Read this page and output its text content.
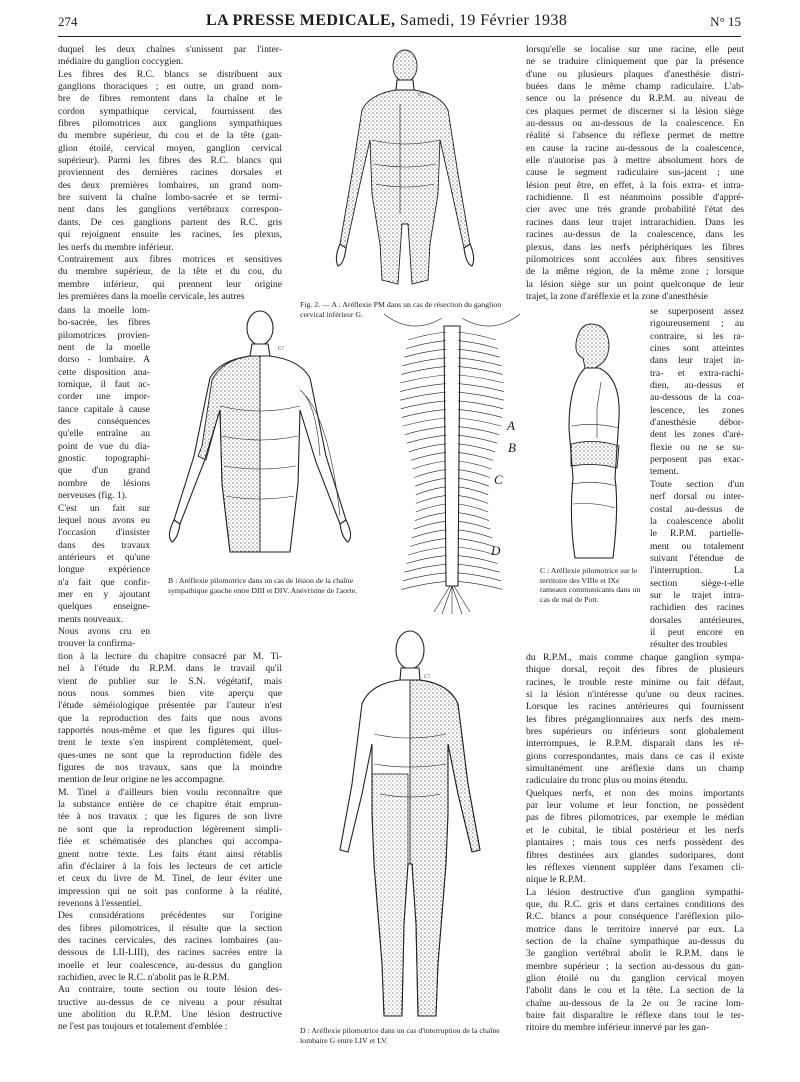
274	LA PRESSE MEDICALE, Samedi, 19 Février 1938	N° 15
duquel les deux chaînes s'unissent par l'inter-
médiaire du ganglion coccygien.
Les fibres des R.C. blancs se distribuent aux
ganglions thoraciques ; en outre, un grand nom-
bre de fibres remontent dans la chaîne et le
cordon sympathique cervical, fournissent des
fibres pilomotrices aux ganglions sympathiques
du membre supérieur, du cou et de la tête (gan-
glion étoilé, cervical moyen, ganglion cervical
supérieur). Parmi les fibres des R.C. blancs qui
proviennent des dernières racines dorsales et
des deux premières lombaires, un grand nom-
bre suivent la chaîne lombo-sacrée et se termi-
nent dans les ganglions vertébraux correspon-
dants. De ces ganglions partent des R.C. gris
qui rejoignent ensuite les racines, les plexus,
les nerfs du membre inférieur.
Contrairement aux fibres motrices et sensitives
du membre supérieur, de la tête et du cou, du
membre inférieur, qui prennent leur origine
les premières dans la moelle cervicale, les autres
dans la moelle lom-
bo-sacrée, les fibres
pilomotrices provien-
nent de la moelle
dorso - lombaire. A
cette disposition ana-
tomique, il faut ac-
corder une impor-
tance capitale à cause
des conséquences
qu'elle entraîne au
point de vue du dia-
gnostic topographi-
que d'un grand
nombre de lésions
nerveuses (fig. 1).
C'est un fait sur
lequel nous avons eu
l'occasion d'insister
dans des travaux
antérieurs et qu'une
longue expérience
n'a fait que confir-
mer en y ajoutant
quelques enseigne-
ments nouveaux.
Nous avons cru en
trouver la confirma-
tion à la lecture du chapitre consacré par M. Ti-
nel à l'étude du R.P.M. dans le travail qu'il
vient de publier sur le S.N. végétatif, mais
nous nous sommes bien vite aperçu que
l'étude séméiologique présentée par l'auteur n'est
que la reproduction des faits que nous avons
rapportés nous-même et que les figures qui illus-
trent le texte s'en inspirent complètement, quel-
ques-unes ne sont que la reproduction fidèle des
figures de nos travaux, sans que la moindre
mention de leur origine ne les accompagne.
M. Tinel a d'ailleurs bien voulu reconnaître que
la substance entière de ce chapitre était emprun-
tée à nos travaux ; que les figures de son livre
ne sont que la reproduction légèrement simpli-
fiée et schématisée des planches qui accompa-
gnent notre texte. Les faits étant ainsi rétablis
afin d'éclairer à la fois les lecteurs de cet article
et ceux du livre de M. Tinel, de leur éviter une
impression qui ne soit pas conforme à la réalité,
revenons à l'essentiel.
Des considérations précédentes sur l'origine
des fibres pilomotrices, il résulte que la section
des racines cervicales, des racines lombaires (au-
dessous de LII-LIII), des racines sacrées entre la
moelle et leur coalescence, au-dessus du ganglion
rachidien, avec le R.C. n'abolit pas le R.P.M.
Au contraire, toute section ou toute lésion des-
tructive au-dessus de ce niveau a pour résultat
une abolition du R.P.M. Une lésion destructive
ne l'est pas toujours et totalement d'emblée :
lorsqu'elle se localise sur une racine, elle peut
ne se traduire cliniquement que par la présence
d'une ou plusieurs plaques d'anesthésie distri-
buées dans le même champ radiculaire. L'ab-
sence ou la présence du R.P.M. au niveau de
ces plaques permet de discerner si la lésion siège
au-dessus ou au-dessous de la coalescence. En
réalité si l'absence du réflexe permet de mettre
en cause la racine au-dessous de la coalescence,
elle n'autorise pas à mettre absolument hors de
cause le segment radiculaire sus-jacent ; une
lésion peut être, en effet, à la fois extra- et intra-
rachidienne. Il est néanmoins possible d'appré-
cier avec une très grande probabilité l'état des
racines dans leur trajet intrarachidien. Dans les
racines au-dessus de la coalescence, dans les
plexus, dans les nerfs périphériques les fibres
pilomotrices sont accolées aux fibres sensitives
de la même région, de la même zone ; lorsque
la lésion siège sur un point quelconque de leur
trajet, la zone d'aréflexie et la zone d'anesthésie
se superposent assez
rigoureusement ; au
contraire, si les ra-
cines sont atteintes
dans leur trajet in-
tra- et extra-rachi-
dien, au-dessus et
au-dessous de la coa-
lescence, les zones
d'anesthésie débor-
dent les zones d'aré-
flexie ou ne se su-
perposent pas exac-
tement.
Toute section d'un
nerf dorsal ou inter-
costal au-dessus de
la coalescence abolit
le R.P.M. partielle-
ment ou totalement
suivant l'étendue de
l'interruption. La
section siège-t-elle
sur le trajet intra-
rachidien des racines
dorsales antérieures,
il peut encore en
résulter des troubles
du R.P.M., mais comme chaque ganglion sympa-
thique dorsal, reçoit des fibres de plusieurs
racines, le trouble reste minime ou fait défaut,
si la lésion n'intéresse qu'une ou deux racines.
Lorsque les racines antérieures qui fournissent
les fibres préganglionnaires aux nerfs des mem-
bres supérieurs ou inférieurs sont globalement
interrompues, le R.P.M. disparaît dans les ré-
gions correspondantes, mais dans ce cas il existe
simultanément une aréflexie dans un champ
radiculaire du tronc plus ou moins étendu.
Quelques nerfs, et non des moins importants
par leur volume et leur fonction, ne possèdent
pas de fibres pilomotrices, par exemple le médian
et le cubital, le tibial postérieur et les nerfs
plantaires ; mais tous ces nerfs possèdent des
fibres destinées aux glandes sudoripares, dont
les réflexes viennent suppléer dans l'examen cli-
nique le R.P.M.
La lésion destructive d'un ganglion sympathi-
que, du R.C. gris et dans certaines conditions des
R.C. blancs a pour conséquence l'aréflexion pilo-
motrice dans le territoire innervé par eux. La
section de la chaîne sympathique au-dessus du
3e ganglion vertébral abolit le R.P.M. dans le
membre supérieur ; la section au-dessous du gan-
glion étoilé ou du ganglion cervical moyen
l'abolit dans le cou et la tête. La section de la
chaîne au-dessous de la 2e ou 3e racine lom-
baire fait disparaître le réflexe dans tout le ter-
ritoire du membre inférieur innervé par les gan-
C7
Fig. 2. — A : Aréflexie PM dans un cas de résection du ganglion cervical inférieur G.
C7
B : Aréflexie pilomotrice dans un cas de lésion de la chaîne sympathique gauche entre DIII et DIV. Anévrisme de l'aorte.
A
B
C
D
C : Aréflexie pilomotrice sur le territoire des VIIIe et IXe rameaux communicants dans un cas de mal de Pott.
C7
D : Aréflexie pilomotrice dans un cas d'interruption de la chaîne lombaire G entre LIV et LV.
